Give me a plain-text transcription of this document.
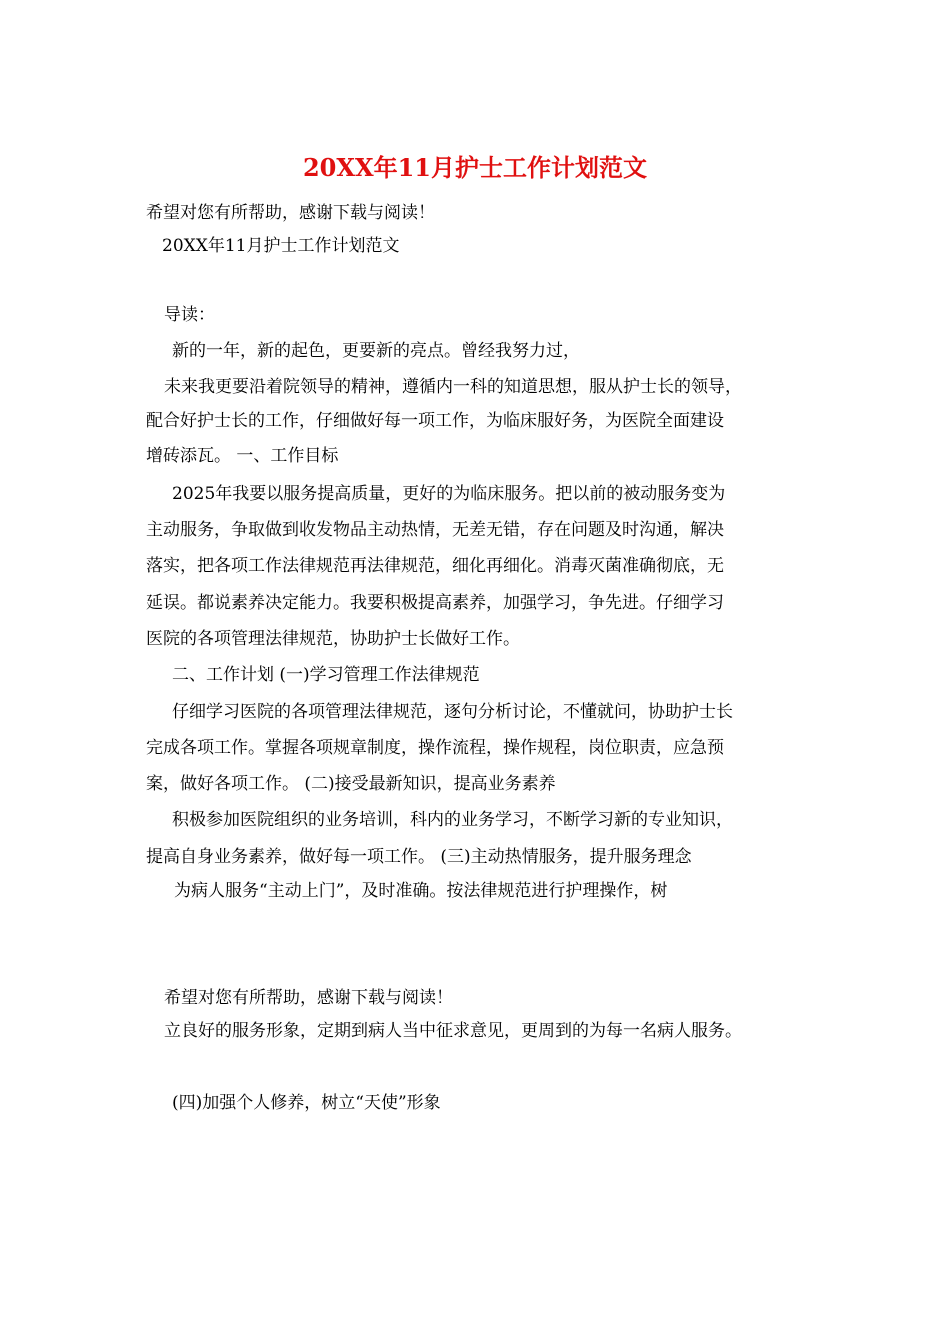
20XX年11月护士工作计划范文
希望对您有所帮助，感谢下载与阅读！
20XX年11月护士工作计划范文
导读：
新的一年，新的起色，更要新的亮点。曾经我努力过，
未来我更要沿着院领导的精神，遵循内一科的知道思想，服从护士长的领导，
配合好护士长的工作，仔细做好每一项工作，为临床服好务，为医院全面建设
增砖添瓦。 一、工作目标
2025年我要以服务提高质量，更好的为临床服务。把以前的被动服务变为
主动服务，争取做到收发物品主动热情，无差无错，存在问题及时沟通，解决
落实，把各项工作法律规范再法律规范，细化再细化。消毒灭菌准确彻底，无
延误。都说素养决定能力。我要积极提高素养，加强学习，争先进。仔细学习
医院的各项管理法律规范，协助护士长做好工作。
二、工作计划 (一)学习管理工作法律规范
仔细学习医院的各项管理法律规范，逐句分析讨论，不懂就问，协助护士长
完成各项工作。掌握各项规章制度，操作流程，操作规程，岗位职责，应急预
案，做好各项工作。 (二)接受最新知识，提高业务素养
积极参加医院组织的业务培训，科内的业务学习，不断学习新的专业知识，
提高自身业务素养，做好每一项工作。 (三)主动热情服务，提升服务理念
为病人服务“主动上门”，及时准确。按法律规范进行护理操作，树
希望对您有所帮助，感谢下载与阅读！
立良好的服务形象，定期到病人当中征求意见，更周到的为每一名病人服务。
(四)加强个人修养，树立“天使”形象
